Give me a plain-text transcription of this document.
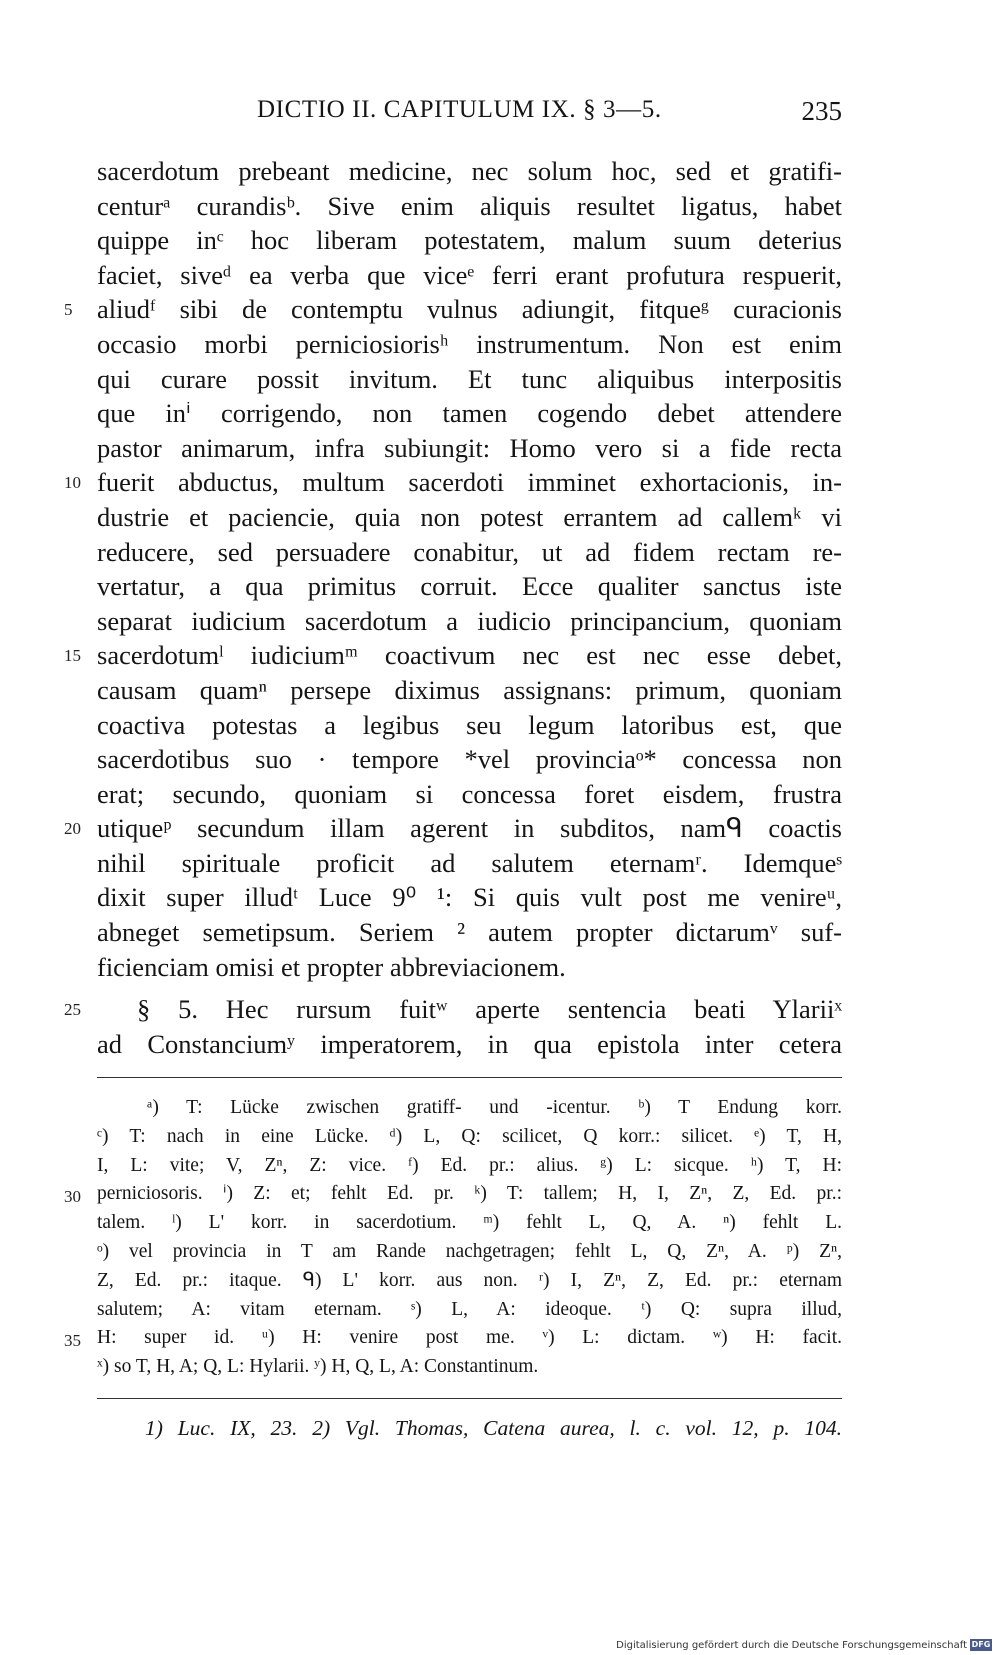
DICTIO II. CAPITULUM IX. § 3—5.	235
sacerdotum prebeant medicine, nec solum hoc, sed et gratifi-
centurᵃ curandisᵇ. Sive enim aliquis resultet ligatus, habet
quippe inᶜ hoc liberam potestatem, malum suum deterius
faciet, siveᵈ ea verba que viceᵉ ferri erant profutura respuerit,
5 aliudᶠ sibi de contemptu vulnus adiungit, fitqueᵍ curacionis
occasio morbi perniciosiorisʰ instrumentum. Non est enim
qui curare possit invitum. Et tunc aliquibus interpositis
que inⁱ corrigendo, non tamen cogendo debet attendere
pastor animarum, infra subiungit: Homo vero si a fide recta
10 fuerit abductus, multum sacerdoti imminet exhortacionis, in-
dustrie et paciencie, quia non potest errantem ad callemᵏ vi
reducere, sed persuadere conabitur, ut ad fidem rectam re-
vertatur, a qua primitus corruit. Ecce qualiter sanctus iste
separat iudicium sacerdotum a iudicio principancium, quoniam
15 sacerdotumˡ iudiciumᵐ coactivum nec est nec esse debet,
causam quamⁿ persepe diximus assignans: primum, quoniam
coactiva potestas a legibus seu legum latoribus est, que
sacerdotibus suo · tempore *vel provinciaᵒ* concessa non
erat; secundo, quoniam si concessa foret eisdem, frustra
20 utiqueᵖ secundum illam agerent in subditos, namᑫ coactis
nihil spirituale proficit ad salutem eternamʳ. Idemqueˢ
dixit super illudᵗ Luce 9⁰ ¹: Si quis vult post me venireᵘ,
abneget semetipsum. Seriem ² autem propter dictarumᵛ suf-
ficienciam omisi et propter abbreviacionem.
25 § 5. Hec rursum fuitʷ aperte sentencia beati Ylariiˣ
ad Constanciumʸ imperatorem, in qua epistola inter cetera
ᵃ) T: Lücke zwischen gratiff- und -icentur. ᵇ) T Endung korr.
ᶜ) T: nach in eine Lücke. ᵈ) L, Q: scilicet, Q korr.: silicet. ᵉ) T, H,
I, L: vite; V, Zⁿ, Z: vice. ᶠ) Ed. pr.: alius. ᵍ) L: sicque. ʰ) T, H:
30 perniciosoris. ⁱ) Z: et; fehlt Ed. pr. ᵏ) T: tallem; H, I, Zⁿ, Z, Ed. pr.:
talem. ˡ) L' korr. in sacerdotium. ᵐ) fehlt L, Q, A. ⁿ) fehlt L.
ᵒ) vel provincia in T am Rande nachgetragen; fehlt L, Q, Zⁿ, A. ᵖ) Zⁿ,
Z, Ed. pr.: itaque. ᑫ) L' korr. aus non. ʳ) I, Zⁿ, Z, Ed. pr.: eternam
salutem; A: vitam eternam. ˢ) L, A: ideoque. ᵗ) Q: supra illud,
35 H: super id. ᵘ) H: venire post me. ᵛ) L: dictam. ʷ) H: facit.
ˣ) so T, H, A; Q, L: Hylarii. ʸ) H, Q, L, A: Constantinum.
1) Luc. IX, 23. 2) Vgl. Thomas, Catena aurea, l. c. vol. 12, p. 104.
Digitalisierung gefördert durch die Deutsche Forschungsgemeinschaft DFG
